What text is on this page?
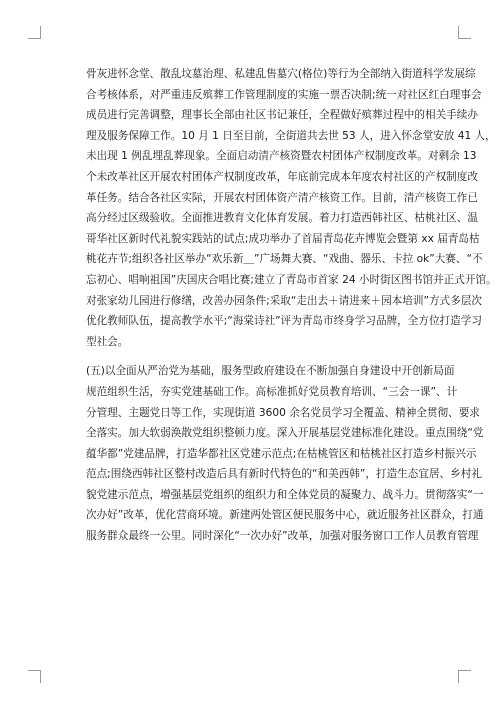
骨灰进怀念堂、散乱坟墓治理、私建乱售墓穴(格位)等行为全部纳入街道科学发展综
合考核体系，对严重违反殡葬工作管理制度的实施一票否决制;统一对社区红白理事会
成员进行完善调整，理事长全部由社区书记兼任，全程做好殡葬过程中的相关手续办
理及服务保障工作。10 月 1 日至目前，全街道共去世 53 人，进入怀念堂安放 41 人，
未出现 1 例乱埋乱葬现象。全面启动清产核资暨农村团体产权制度改革。对剩余 13
个未改革社区开展农村团体产权制度改革，年底前完成本年度农村社区的产权制度改
革任务。结合各社区实际，开展农村团体资产清产核资工作。目前，清产核资工作已
高分经过区级验收。全面推进教育文化体育发展。着力打造西韩社区、枯桃社区、温
哥华社区新时代礼貌实践站的试点;成功举办了首届青岛花卉博览会暨第 xx 届青岛枯
桃花卉节;组织各社区举办“欢乐新＿”广场舞大赛、“戏曲、器乐、卡拉 ok”大赛、“不
忘初心、唱响祖国”庆国庆合唱比赛;建立了青岛市首家 24 小时街区图书馆并正式开馆。
对张家幼儿园进行修缮，改善办园条件;采取“走出去＋请进来＋园本培训”方式多层次
优化教师队伍，提高教学水平;“海棠诗社”评为青岛市终身学习品牌，全方位打造学习
型社会。
(五)以全面从严治党为基础，服务型政府建设在不断加强自身建设中开创新局面
规范组织生活，夯实党建基础工作。高标准抓好党员教育培训、“三会一课”、计
分管理、主题党日等工作，实现街道 3600 余名党员学习全覆盖、精神全贯彻、要求
全落实。加大软弱涣散党组织整顿力度。深入开展基层党建标准化建设。重点围绕“党
蕴华都”党建品牌，打造华都社区党建示范点;在枯桃管区和枯桃社区打造乡村振兴示
范点;围绕西韩社区整村改造后具有新时代特色的“和美西韩”，打造生态宜居、乡村礼
貌党建示范点，增强基层党组织的组织力和全体党员的凝聚力、战斗力。贯彻落实“一
次办好”改革，优化营商环境。新建两处管区便民服务中心，就近服务社区群众，打通
服务群众最终一公里。同时深化“一次办好”改革，加强对服务窗口工作人员教育管理
